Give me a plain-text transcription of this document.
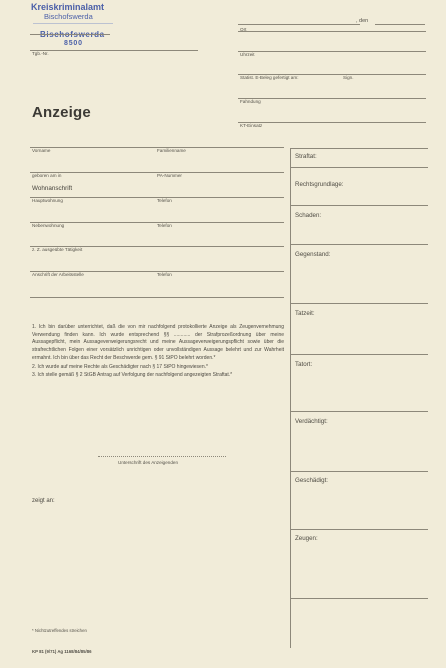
Kreiskriminalamt
Bischofswerda
Bischofswerda
8500
, den
Ort
Tgb.-Nr.	Uhrzeit
Statist. E-Beleg gefertigt am:	Sign.
Fahndung
KT-Einsatz
Anzeige
Vorname	Familienname
geboren am in	PA-Nummer
Wohnanschrift
Hauptwohnung	Telefon
Nebenwohnung	Telefon
z. Z. ausgeübte Tätigkeit
Anschrift der Arbeitsstelle	Telefon

1. Ich bin darüber unterrichtet, daß die von mir nachfolgend protokollierte Anzeige als Zeugenvernehmung Verwendung finden kann. Ich wurde entsprechend §§ ............ der Strafprozeßordnung über meine Aussagepflicht, mein Aussageverweigerungsrecht und meine Aussageverweigerungspflicht sowie über die strafrechtlichen Folgen einer vorsätzlich unrichtigen oder unvollständigen Aussage belehrt und zur Wahrheit ermahnt. Ich bin über das Recht der Beschwerde gem. § 91 StPO belehrt worden.*

2. Ich wurde auf meine Rechte als Geschädigter nach § 17 StPO hingewiesen.*

3. Ich stelle gemäß § 2 StGB Antrag auf Verfolgung der nachfolgend angezeigten Straftat.*

Unterschrift des Anzeigenden
zeigt an:
Straftat:
Rechtsgrundlage:
Schaden:
Gegenstand:
Tatzeit:
Tatort:
Verdächtigt:
Geschädigt:
Zeugen:
* Nichtzutreffendes streichen
KP 81 (9/71) Ag 1168/84/85/86
